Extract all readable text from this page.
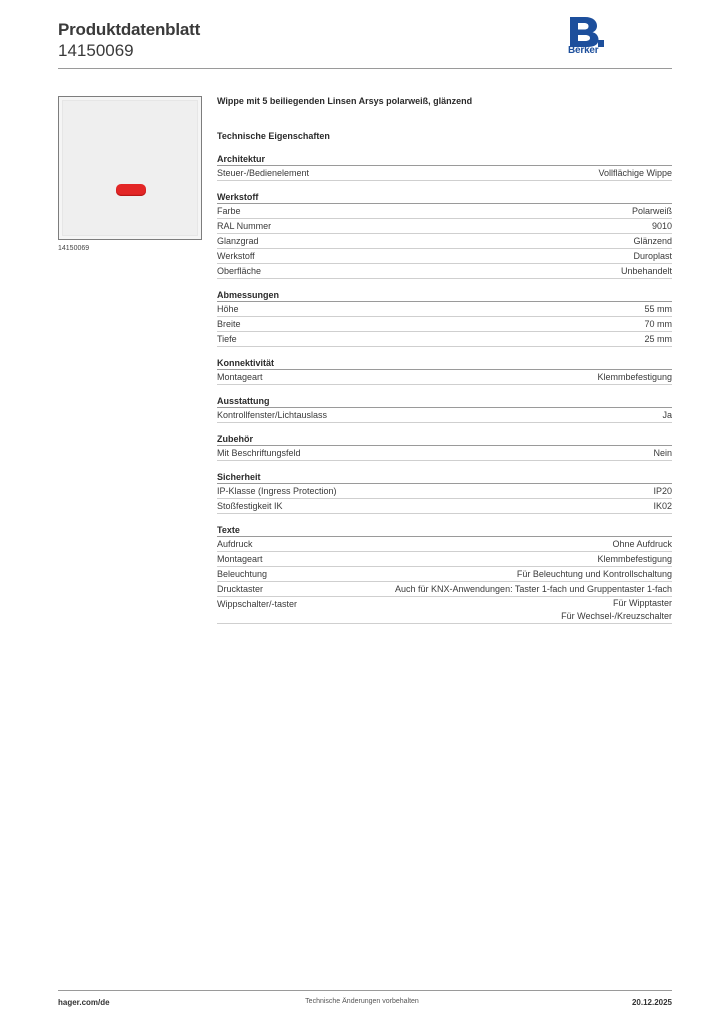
Produktdatenblatt
14150069	Berker
14150069
Wippe mit 5 beiliegenden Linsen Arsys polarweiß, glänzend
Technische Eigenschaften
Architektur
Steuer-/Bedienelement	Vollflächige Wippe
Werkstoff
Farbe	Polarweiß
RAL Nummer	9010
Glanzgrad	Glänzend
Werkstoff	Duroplast
Oberfläche	Unbehandelt
Abmessungen
Höhe	55 mm
Breite	70 mm
Tiefe	25 mm
Konnektivität
Montageart	Klemmbefestigung
Ausstattung
Kontrollfenster/Lichtauslass	Ja
Zubehör
Mit Beschriftungsfeld	Nein
Sicherheit
IP-Klasse (Ingress Protection)	IP20
Stoßfestigkeit IK	IK02
Texte
Aufdruck	Ohne Aufdruck
Montageart	Klemmbefestigung
Beleuchtung	Für Beleuchtung und Kontrollschaltung
Drucktaster	Auch für KNX-Anwendungen: Taster 1-fach und Gruppentaster 1-fach
Wippschalter/-taster	Für Wipptaster
Für Wechsel-/Kreuzschalter
hager.com/de	Technische Änderungen vorbehalten	20.12.2025
